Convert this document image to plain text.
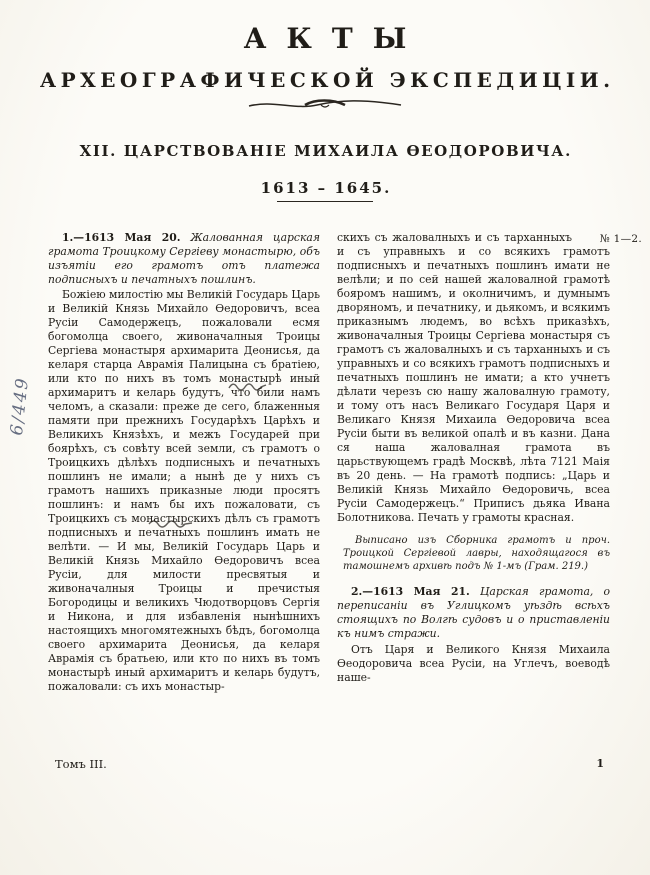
АКТЫ
АРХЕОГРАФИЧЕСКОЙ ЭКСПЕДИЦІИ.
XII. ЦАРСТВОВАНІЕ МИХАИЛА ѲЕОДОРОВИЧА.
1613 – 1645.
№ 1—2.
6/449

1.—1613 Мая 20. Жалованная царская грамота Троицкому Сергіеву монастырю, объ изъятіи его грамотъ отъ платежа подписныхъ и печатныхъ пошлинъ.

Божіею милостію мы Великій Государь Царь и Великій Князь Михайло Ѳедоровичъ, всеа Русіи Самодержецъ, пожаловали есмя богомолца своего, живоначалныя Троицы Сергіева монастыря архимарита Деонисья, да келаря старца Аврамія Палицына съ братіею, или кто по нихъ въ томъ монастырѣ иный архимаритъ и келарь будутъ, что били намъ челомъ, а сказали: преже де сего, блаженныя памяти при прежнихъ Государѣхъ Царѣхъ и Великихъ Князѣхъ, и межъ Государей при боярѣхъ, съ совѣту всей земли, съ грамотъ о Троицкихъ дѣлѣхъ подписныхъ и печатныхъ пошлинъ не имали; а нынѣ де у нихъ съ грамотъ нашихъ приказные люди просятъ пошлинъ: и намъ бы ихъ пожаловати, съ Троицкихъ съ монастырскихъ дѣлъ съ грамотъ подписныхъ и печатныхъ пошлинъ имать не велѣти. — И мы, Великій Государь Царь и Великій Князь Михайло Ѳедоровичъ всеа Русіи, для милости пресвятыя и живоначалныя Троицы и пречистыя Богородицы и великихъ Чюдотворцовъ Сергія и Никона, и для избавленія нынѣшнихъ настоящихъ многомятежныхъ бѣдъ, богомолца своего архимарита Деонисья, да келаря Аврамія съ братьею, или кто по нихъ въ томъ монастырѣ иный архимаритъ и келарь будутъ, пожаловали: съ ихъ монастыр-

скихъ съ жаловалныхъ и съ тарханныхъ и съ управныхъ и со всякихъ грамотъ подписныхъ и печатныхъ пошлинъ имати не велѣли; и по сей нашей жаловалной грамотѣ бояромъ нашимъ, и околничимъ, и думнымъ дворяномъ, и печатнику, и дьякомъ, и всякимъ приказнымъ людемъ, во всѣхъ приказѣхъ, живоначалныя Троицы Сергіева монастыря съ грамотъ съ жаловалныхъ и съ тарханныхъ и съ управныхъ и со всякихъ грамотъ подписныхъ и печатныхъ пошлинъ не имати; а кто учнетъ дѣлати черезъ сю нашу жаловалную грамоту, и тому отъ насъ Великаго Государя Царя и Великаго Князя Михаила Ѳедоровича всеа Русіи быти въ великой опалѣ и въ казни. Дана ся наша жаловалная грамота въ царьствующемъ градѣ Москвѣ, лѣта 7121 Маія въ 20 день. — На грамотѣ подпись: „Царь и Великій Князь Михайло Ѳедоровичь, всеа Русіи Самодержецъ.“ Приписъ дьяка Ивана Болотникова. Печать у грамоты красная.

Выписано изъ Сборника грамотъ и проч. Троицкой Сергіевой лавры, находящагося въ тамошнемъ архивѣ подъ № 1-мъ (Грам. 219.)

2.—1613 Мая 21. Царская грамота, о переписаніи въ Углицкомъ уѣздѣ всѣхъ стоящихъ по Волгѣ судовъ и о приставленіи къ нимъ стражи.

Отъ Царя и Великого Князя Михаила Ѳеодоровича всеа Русіи, на Углечъ, воеводѣ наше-

Томъ III.	1
